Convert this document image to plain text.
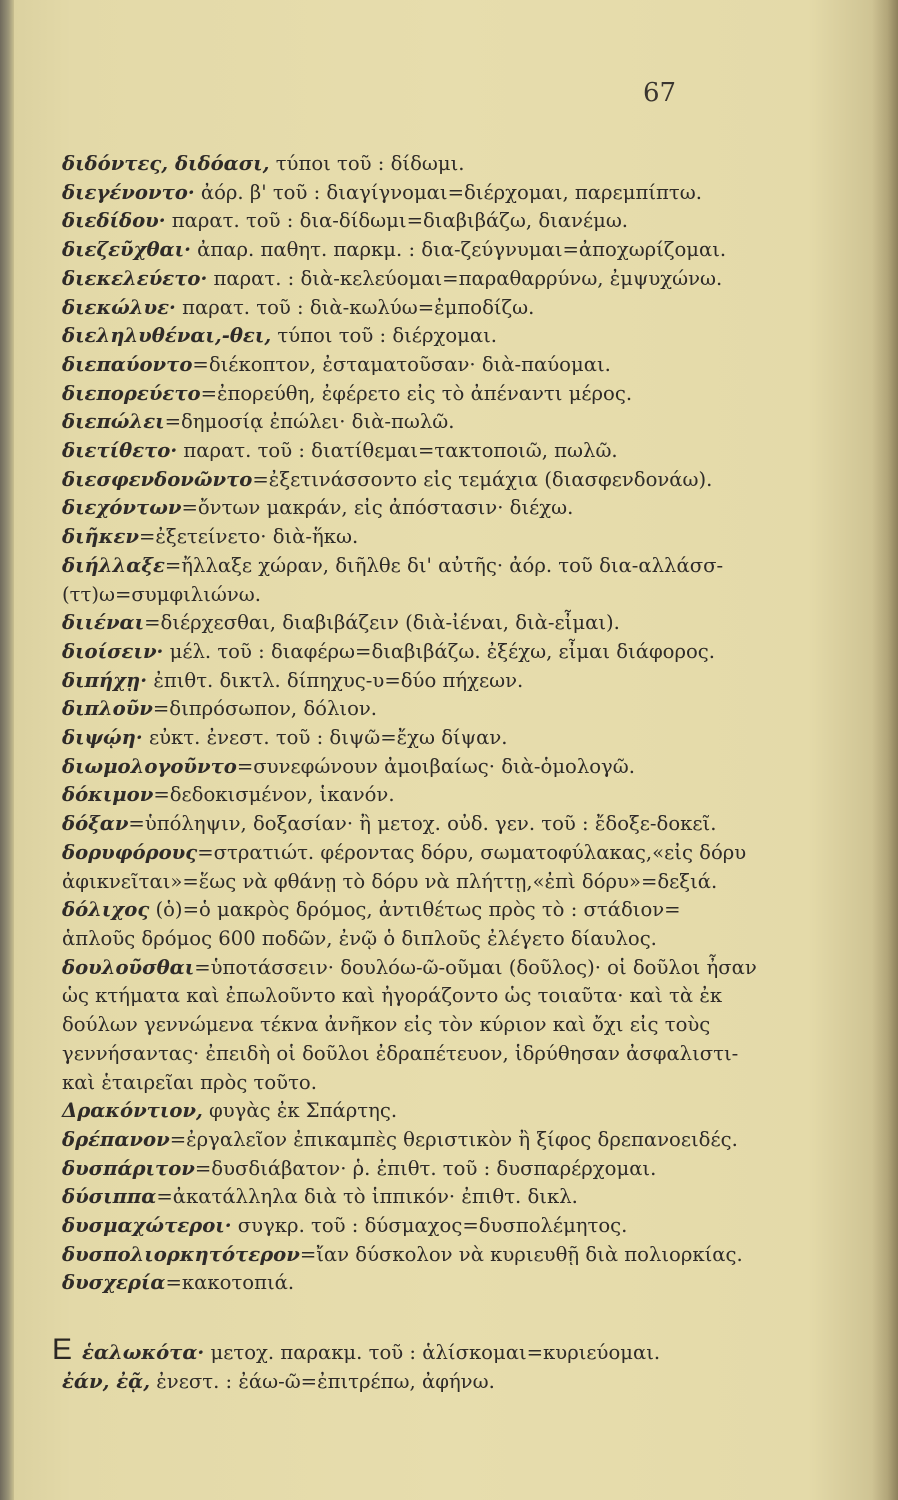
67
διδόντες, διδόασι, τύποι τοῦ : δίδωμι.
διεγένοντο· ἀόρ. β' τοῦ : διαγίγνομαι=διέρχομαι, παρεμπίπτω.
διεδίδου· παρατ. τοῦ : δια-δίδωμι=διαβιβάζω, διανέμω.
διεζεῦχθαι· ἀπαρ. παθητ. παρκμ. : δια-ζεύγνυμαι=ἀποχωρίζομαι.
διεκελεύετο· παρατ. : διὰ-κελεύομαι=παραθαρρύνω, ἐμψυχώνω.
διεκώλυε· παρατ. τοῦ : διὰ-κωλύω=ἐμποδίζω.
διεληλυθέναι,-θει, τύποι τοῦ : διέρχομαι.
διεπαύοντο=διέκοπτον, ἐσταματοῦσαν· διὰ-παύομαι.
διεπορεύετο=ἐπορεύθη, ἐφέρετο εἰς τὸ ἀπέναντι μέρος.
διεπώλει=δημοσίᾳ ἐπώλει· διὰ-πωλῶ.
διετίθετο· παρατ. τοῦ : διατίθεμαι=τακτοποιῶ, πωλῶ.
διεσφενδονῶντο=ἐξετινάσσοντο εἰς τεμάχια (διασφενδονάω).
διεχόντων=ὄντων μακράν, εἰς ἀπόστασιν· διέχω.
διῆκεν=ἐξετείνετο· διὰ-ἥκω.
διήλλαξε=ἤλλαξε χώραν, διῆλθε δι' αὐτῆς· ἀόρ. τοῦ δια-αλλάσσ-
(ττ)ω=συμφιλιώνω.
διιέναι=διέρχεσθαι, διαβιβάζειν (διὰ-ἰέναι, διὰ-εἶμαι).
διοίσειν· μέλ. τοῦ : διαφέρω=διαβιβάζω. ἐξέχω, εἶμαι διάφορος.
διπήχῃ· ἐπιθτ. δικτλ. δίπηχυς-υ=δύο πήχεων.
διπλοῦν=διπρόσωπον, δόλιον.
διψῴη· εὐκτ. ἐνεστ. τοῦ : διψῶ=ἔχω δίψαν.
διωμολογοῦντο=συνεφώνουν ἀμοιβαίως· διὰ-ὁμολογῶ.
δόκιμον=δεδοκισμένον, ἱκανόν.
δόξαν=ὑπόληψιν, δοξασίαν· ἢ μετοχ. οὐδ. γεν. τοῦ : ἔδοξε-δοκεῖ.
δορυφόρους=στρατιώτ. φέροντας δόρυ, σωματοφύλακας,«εἰς δόρυ
ἀφικνεῖται»=ἕως νὰ φθάνῃ τὸ δόρυ νὰ πλήττῃ,«ἐπὶ δόρυ»=δεξιά.
δόλιχος (ὁ)=ὁ μακρὸς δρόμος, ἀντιθέτως πρὸς τὸ : στάδιον=
ἁπλοῦς δρόμος 600 ποδῶν, ἐνῷ ὁ διπλοῦς ἐλέγετο δίαυλος.
δουλοῦσθαι=ὑποτάσσειν· δουλόω-ῶ-οῦμαι (δοῦλος)· οἱ δοῦλοι ἦσαν
ὡς κτήματα καὶ ἐπωλοῦντο καὶ ἠγοράζοντο ὡς τοιαῦτα· καὶ τὰ ἐκ
δούλων γεννώμενα τέκνα ἀνῆκον εἰς τὸν κύριον καὶ ὄχι εἰς τοὺς
γεννήσαντας· ἐπειδὴ οἱ δοῦλοι ἐδραπέτευον, ἱδρύθησαν ἀσφαλιστι-
καὶ ἑταιρεῖαι πρὸς τοῦτο.
Δρακόντιον, φυγὰς ἐκ Σπάρτης.
δρέπανον=ἐργαλεῖον ἐπικαμπὲς θεριστικὸν ἢ ξίφος δρεπανοειδές.
δυσπάριτον=δυσδιάβατον· ῥ. ἐπιθτ. τοῦ : δυσπαρέρχομαι.
δύσιππα=ἀκατάλληλα διὰ τὸ ἱππικόν· ἐπιθτ. δικλ.
δυσμαχώτεροι· συγκρ. τοῦ : δύσμαχος=δυσπολέμητος.
δυσπολιορκητότερον=ἴαν δύσκολον νὰ κυριευθῇ διὰ πολιορκίας.
δυσχερία=κακοτοπιά.
Eἑαλωκότα· μετοχ. παρακμ. τοῦ : ἁλίσκομαι=κυριεύομαι.
ἐάν, ἐᾷ, ἐνεστ. : ἐάω-ῶ=ἐπιτρέπω, ἀφήνω.
